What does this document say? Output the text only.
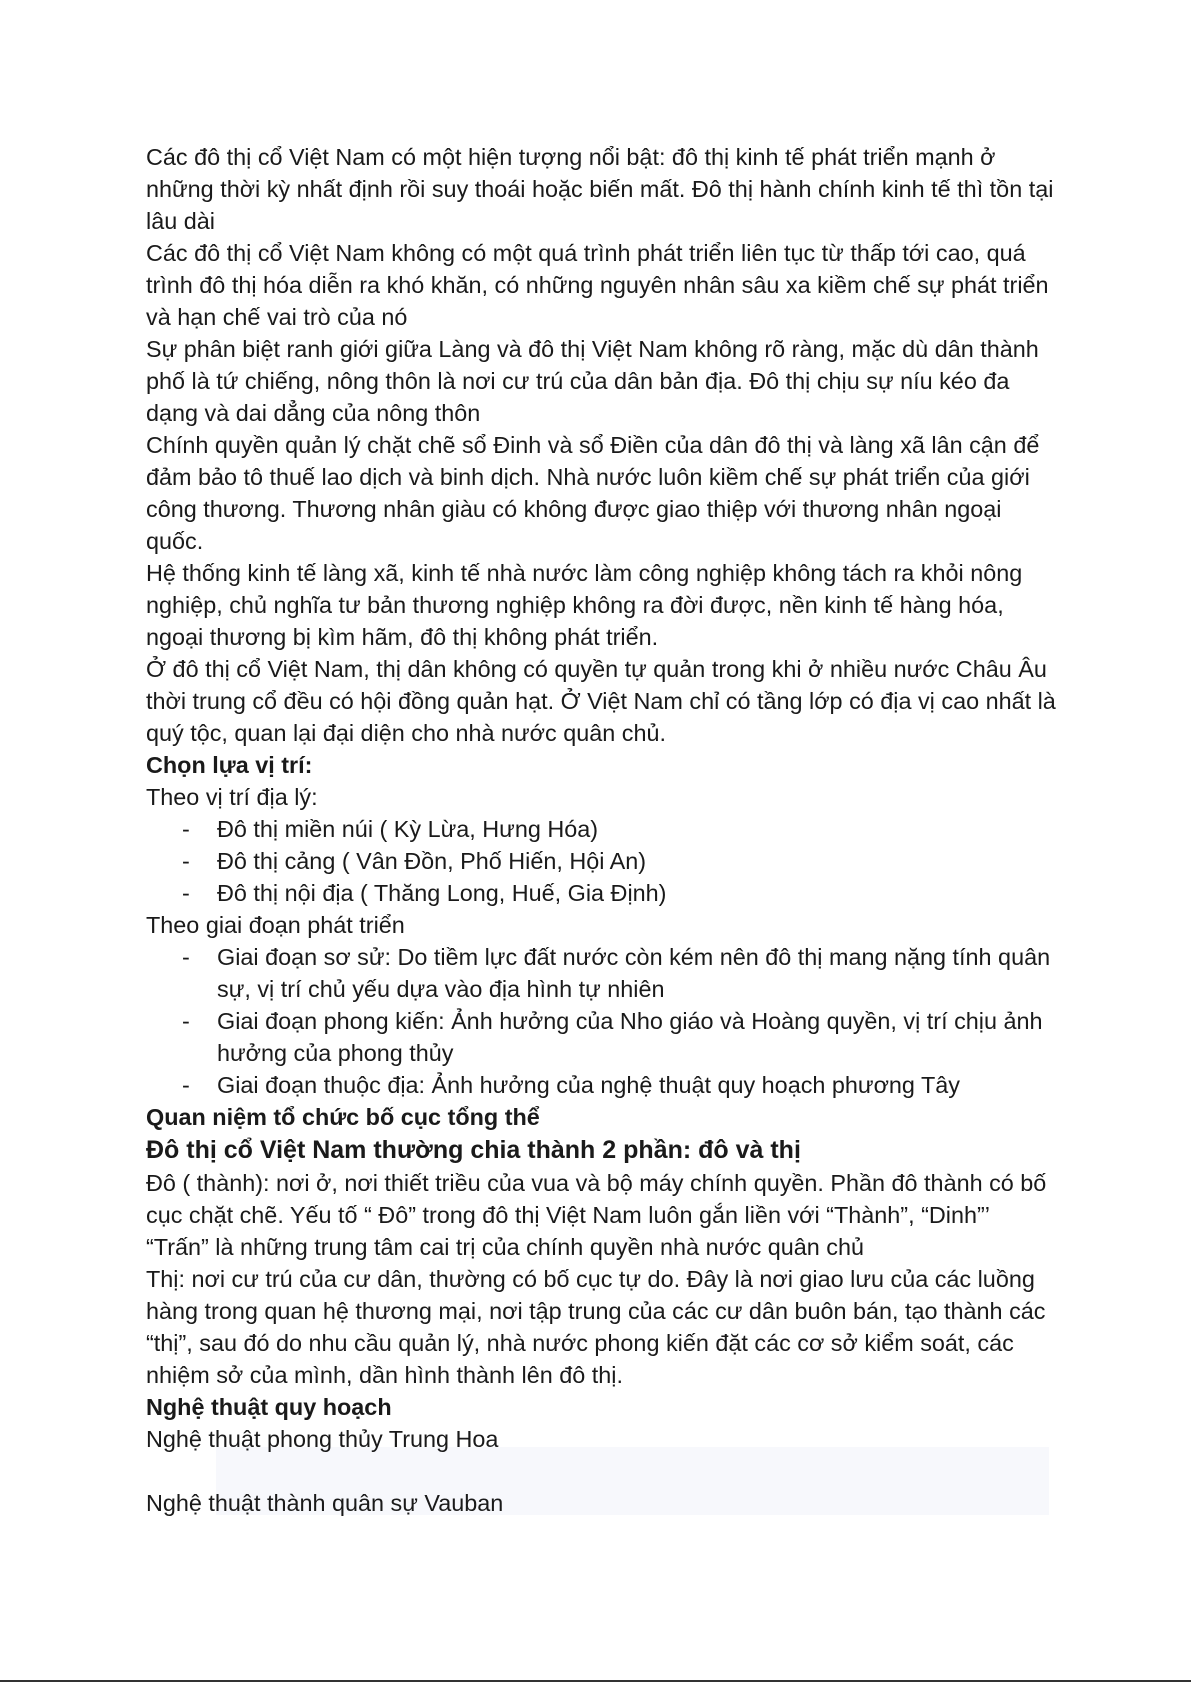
Các đô thị cổ Việt Nam có một hiện tượng nổi bật: đô thị kinh tế phát triển mạnh ở những thời kỳ nhất định rồi suy thoái hoặc biến mất. Đô thị hành chính kinh tế thì tồn tại lâu dài

Các đô thị cổ Việt Nam không có một quá trình phát triển liên tục từ thấp tới cao, quá trình đô thị hóa diễn ra khó khăn, có những nguyên nhân sâu xa kiềm chế sự phát triển và hạn chế vai trò của nó

Sự phân biệt ranh giới giữa Làng và đô thị Việt Nam không rõ ràng, mặc dù dân thành phố là tứ chiếng, nông thôn là nơi cư trú của dân bản địa. Đô thị chịu sự níu kéo đa dạng và dai dẳng của nông thôn

Chính quyền quản lý chặt chẽ sổ Đinh và sổ Điền của dân đô thị và làng xã lân cận để đảm bảo tô thuế lao dịch và binh dịch. Nhà nước luôn kiềm chế sự phát triển của giới công thương. Thương nhân giàu có không được giao thiệp với thương nhân ngoại quốc.

Hệ thống kinh tế làng xã, kinh tế nhà nước làm công nghiệp không tách ra khỏi nông nghiệp, chủ nghĩa tư bản thương nghiệp không ra đời được, nền kinh tế hàng hóa, ngoại thương bị kìm hãm, đô thị không phát triển.

Ở đô thị cổ Việt Nam, thị dân không có quyền tự quản trong khi ở nhiều nước Châu Âu thời trung cổ đều có hội đồng quản hạt. Ở Việt Nam chỉ có tầng lớp có địa vị cao nhất là quý tộc, quan lại đại diện cho nhà nước quân chủ.

Chọn lựa vị trí:

Theo vị trí địa lý:

- Đô thị miền núi ( Kỳ Lừa, Hưng Hóa)
- Đô thị cảng ( Vân Đồn, Phố Hiến, Hội An)
- Đô thị nội địa ( Thăng Long, Huế, Gia Định)

Theo giai đoạn phát triển

- Giai đoạn sơ sử: Do tiềm lực đất nước còn kém nên đô thị mang nặng tính quân sự, vị trí chủ yếu dựa vào địa hình tự nhiên
- Giai đoạn phong kiến: Ảnh hưởng của Nho giáo và Hoàng quyền, vị trí chịu ảnh hưởng của phong thủy
- Giai đoạn thuộc địa: Ảnh hưởng của nghệ thuật quy hoạch phương Tây

Quan niệm tổ chức bố cục tổng thể

Đô thị cổ Việt Nam thường chia thành 2 phần: đô và thị

Đô ( thành): nơi ở, nơi thiết triều của vua và bộ máy chính quyền. Phần đô thành có bố cục chặt chẽ. Yếu tố “ Đô” trong đô thị Việt Nam luôn gắn liền với “Thành”, “Dinh”’ “Trấn” là những trung tâm cai trị của chính quyền nhà nước quân chủ

Thị: nơi cư trú của cư dân, thường có bố cục tự do. Đây là nơi giao lưu của các luồng hàng trong quan hệ thương mại, nơi tập trung của các cư dân buôn bán, tạo thành các “thị”, sau đó do nhu cầu quản lý, nhà nước phong kiến đặt các cơ sở kiểm soát, các nhiệm sở của mình, dần hình thành lên đô thị.

Nghệ thuật quy hoạch

Nghệ thuật phong thủy Trung Hoa

Nghệ thuật thành quân sự Vauban
